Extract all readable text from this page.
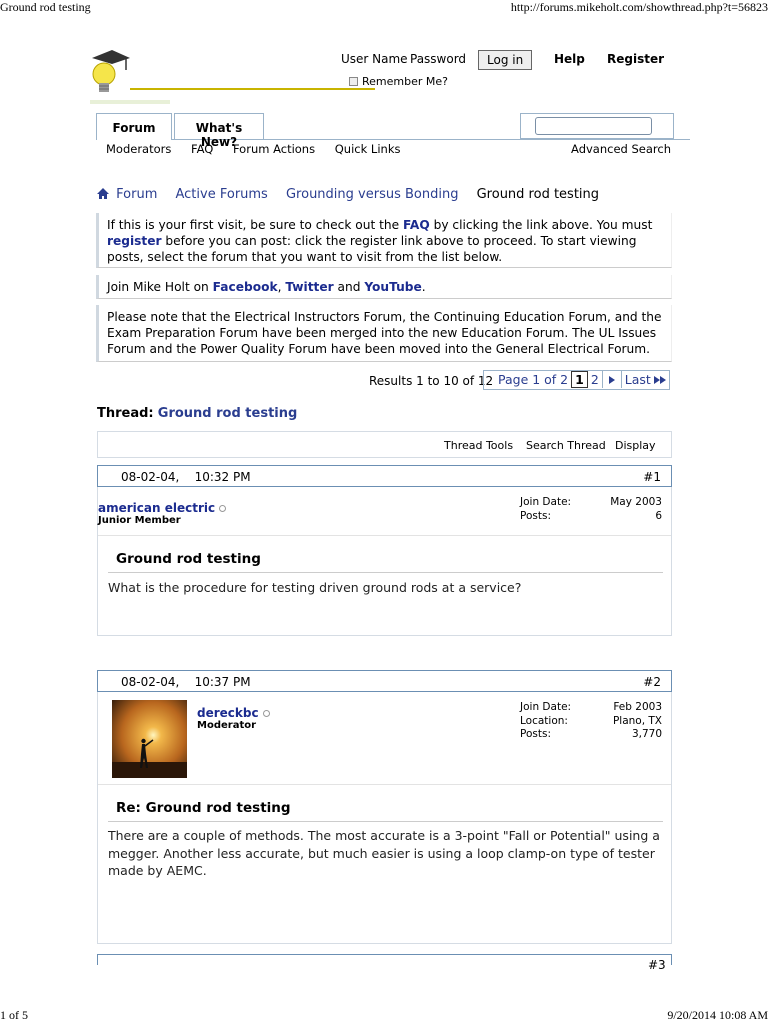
Ground rod testing	http://forums.mikeholt.com/showthread.php?t=56823
User Name Password	Log in	Help Register
Remember Me?
Forum	What's New?
Moderators FAQ Forum Actions Quick Links	Advanced Search
Forum Active Forums Grounding versus Bonding Ground rod testing
If this is your first visit, be sure to check out the FAQ by clicking the link above. You must register before you can post: click the register link above to proceed. To start viewing posts, select the forum that you want to visit from the list below.
Join Mike Holt on Facebook, Twitter and YouTube.
Please note that the Electrical Instructors Forum, the Continuing Education Forum, and the Exam Preparation Forum have been merged into the new Education Forum. The UL Issues Forum and the Power Quality Forum have been moved into the General Electrical Forum.
Results 1 to 10 of 12 Page 1 of 2 1 2 Last
Thread: Ground rod testing
Thread Tools Search Thread Display
08-02-04, 10:32 PM	#1
american electric
Junior Member
Join Date:	May 2003
Posts:	6
Ground rod testing
What is the procedure for testing driven ground rods at a service?
08-02-04, 10:37 PM	#2
dereckbc
Moderator
Join Date:	Feb 2003
Location:	Plano, TX
Posts:	3,770
Re: Ground rod testing
There are a couple of methods. The most accurate is a 3-point "Fall or Potential" using a megger. Another less accurate, but much easier is using a loop clamp-on type of tester made by AEMC.
#3
1 of 5	9/20/2014 10:08 AM
